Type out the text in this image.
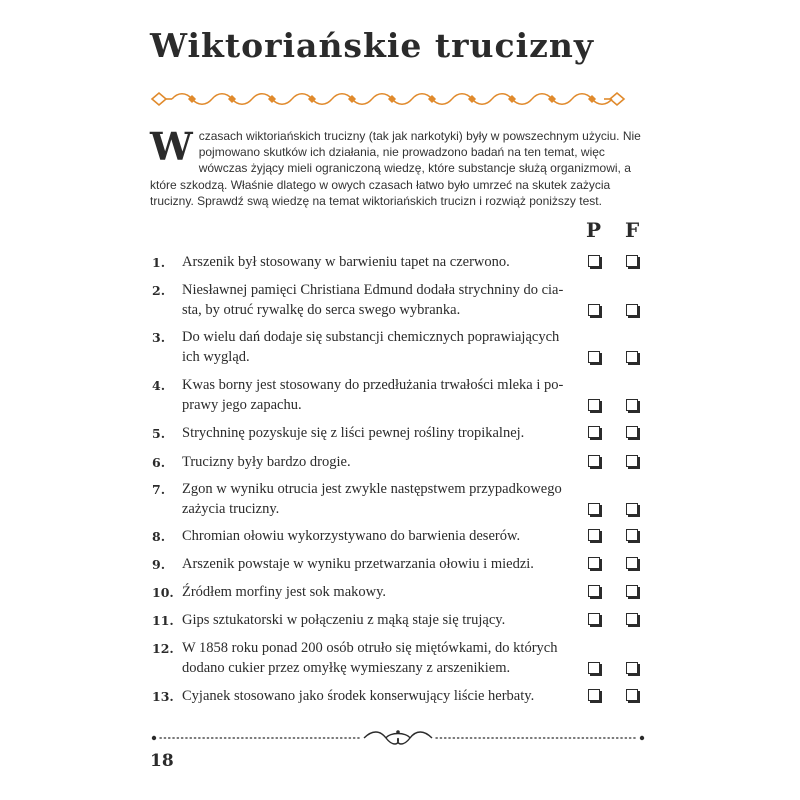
Wiktoriańskie trucizny

Wczasach wiktoriańskich trucizny (tak jak narkotyki) były w powszechnym użyciu. Nie pojmowano skutków ich działania, nie prowadzono badań na ten temat, więc wówczas żyjący mieli ograniczoną wiedzę, które substancje służą organizmowi, a które szkodzą. Właśnie dlatego w owych czasach łatwo było umrzeć na skutek zażycia trucizny. Sprawdź swą wiedzę na temat wiktoriańskich trucizn i rozwiąż poniższy test.

P F
1. Arszenik był stosowany w barwieniu tapet na czerwono.
2. Niesławnej pamięci Christiana Edmund dodała strychniny do cia-
sta, by otruć rywalkę do serca swego wybranka.
3. Do wielu dań dodaje się substancji chemicznych poprawiających
ich wygląd.
4. Kwas borny jest stosowany do przedłużania trwałości mleka i po-
prawy jego zapachu.
5. Strychninę pozyskuje się z liści pewnej rośliny tropikalnej.
6. Trucizny były bardzo drogie.
7. Zgon w wyniku otrucia jest zwykle następstwem przypadkowego
zażycia trucizny.
8. Chromian ołowiu wykorzystywano do barwienia deserów.
9. Arszenik powstaje w wyniku przetwarzania ołowiu i miedzi.
10. Źródłem morfiny jest sok makowy.
11. Gips sztukatorski w połączeniu z mąką staje się trujący.
12. W 1858 roku ponad 200 osób otruło się miętówkami, do których
dodano cukier przez omyłkę wymieszany z arszenikiem.
13. Cyjanek stosowano jako środek konserwujący liście herbaty.
18
